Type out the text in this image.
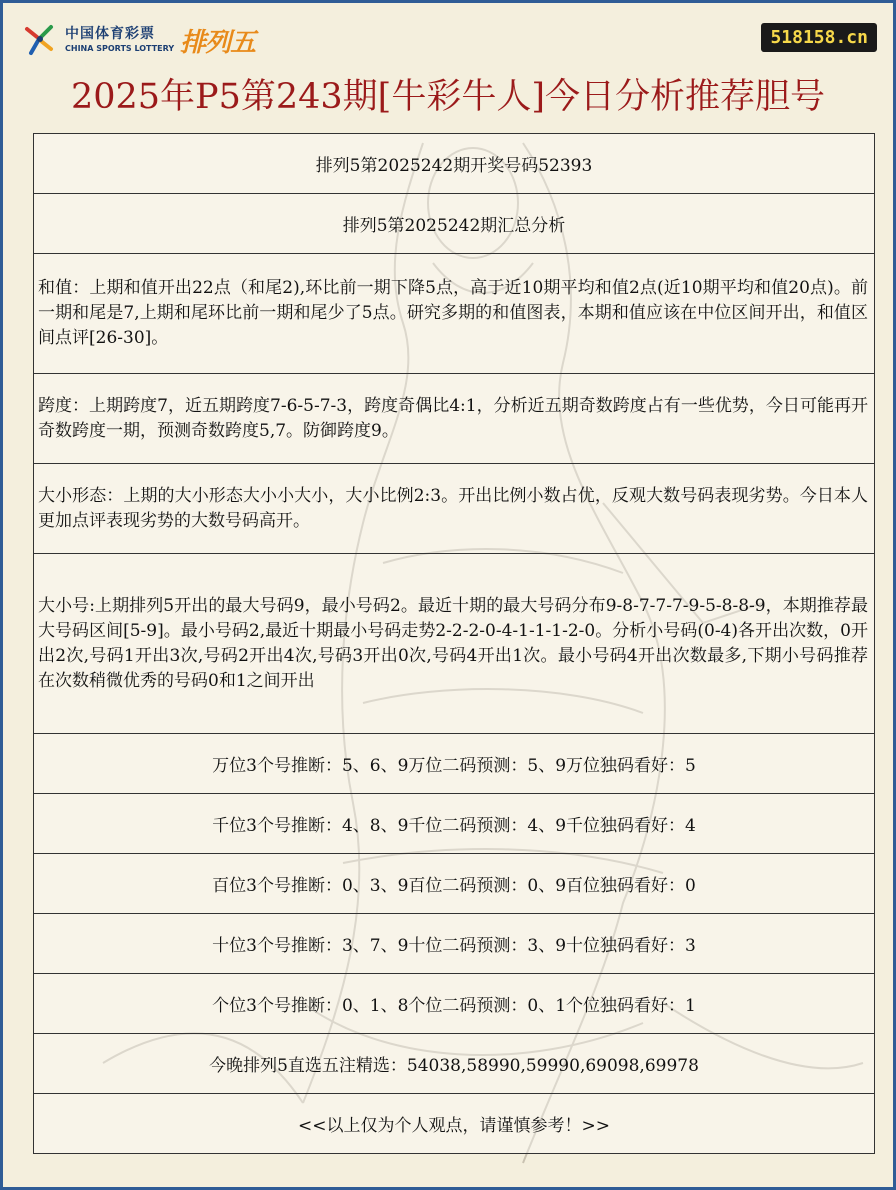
中国体育彩票
CHINA SPORTS LOTTERY 排列五	518158.cn
2025年P5第243期[牛彩牛人]今日分析推荐胆号
排列5第2025242期开奖号码52393
排列5第2025242期汇总分析
和值：上期和值开出22点（和尾2),环比前一期下降5点，高于近10期平均和值2点(近10期平均和值20点)。前一期和尾是7,上期和尾环比前一期和尾少了5点。研究多期的和值图表，本期和值应该在中位区间开出，和值区间点评[26-30]。
跨度：上期跨度7，近五期跨度7-6-5-7-3，跨度奇偶比4:1，分析近五期奇数跨度占有一些优势，今日可能再开奇数跨度一期，预测奇数跨度5,7。防御跨度9。
大小形态：上期的大小形态大小小大小，大小比例2:3。开出比例小数占优，反观大数号码表现劣势。今日本人更加点评表现劣势的大数号码高开。
大小号:上期排列5开出的最大号码9，最小号码2。最近十期的最大号码分布9-8-7-7-7-9-5-8-8-9，本期推荐最大号码区间[5-9]。最小号码2,最近十期最小号码走势2-2-2-0-4-1-1-1-2-0。分析小号码(0-4)各开出次数，0开出2次,号码1开出3次,号码2开出4次,号码3开出0次,号码4开出1次。最小号码4开出次数最多,下期小号码推荐在次数稍微优秀的号码0和1之间开出
万位3个号推断：5、6、9万位二码预测：5、9万位独码看好：5
千位3个号推断：4、8、9千位二码预测：4、9千位独码看好：4
百位3个号推断：0、3、9百位二码预测：0、9百位独码看好：0
十位3个号推断：3、7、9十位二码预测：3、9十位独码看好：3
个位3个号推断：0、1、8个位二码预测：0、1个位独码看好：1
今晚排列5直选五注精选：54038,58990,59990,69098,69978
<<以上仅为个人观点，请谨慎参考！>>
